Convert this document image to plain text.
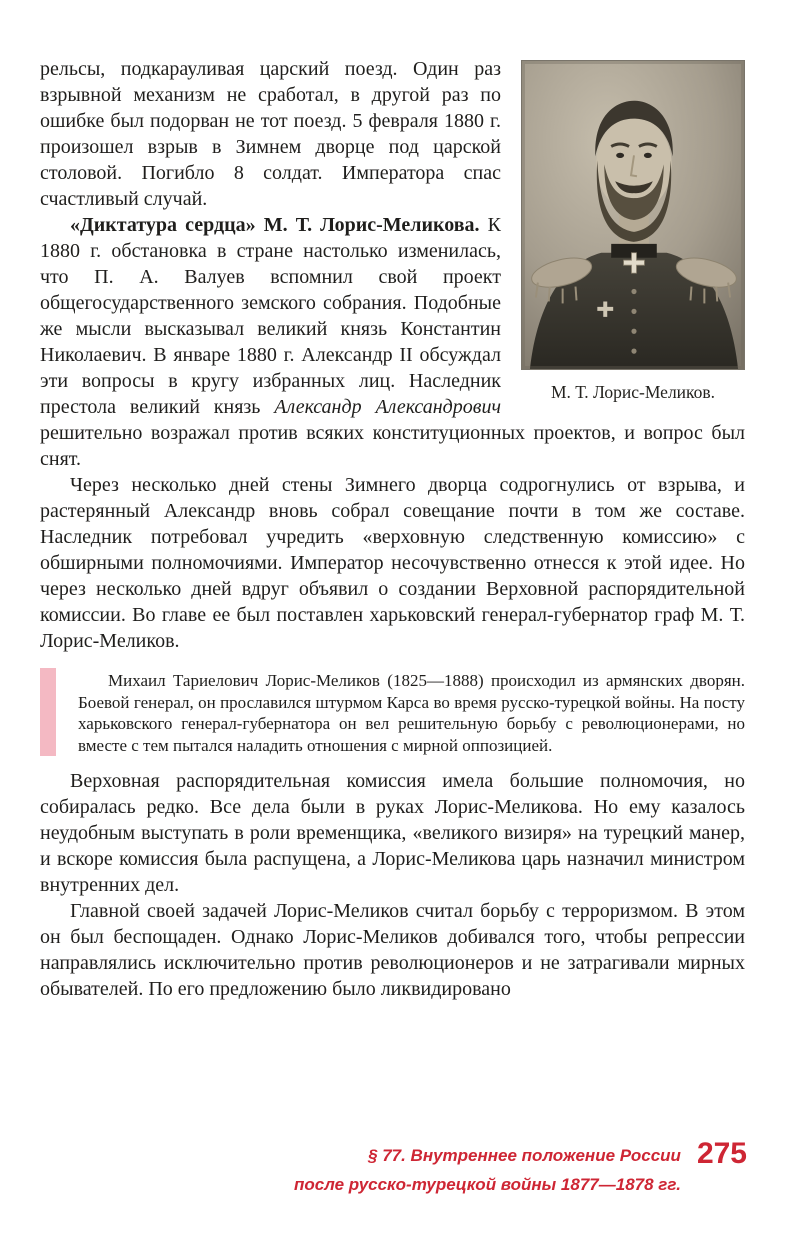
М. Т. Лорис-Меликов.

рельсы, подкарауливая царский поезд. Один раз взрывной механизм не сработал, в другой раз по ошибке был подорван не тот поезд. 5 февраля 1880 г. произошел взрыв в Зимнем дворце под царской столовой. Погибло 8 солдат. Императора спас счастливый случай.

«Диктатура сердца» М. Т. Лорис-Меликова. К 1880 г. обстановка в стране настолько изменилась, что П. А. Валуев вспомнил свой проект общегосударственного земского собрания. Подобные же мысли высказывал великий князь Константин Николаевич. В январе 1880 г. Александр II обсуждал эти вопросы в кругу избранных лиц. Наследник престола великий князь Александр Александрович решительно возражал против всяких конституционных проектов, и вопрос был снят.

Через несколько дней стены Зимнего дворца содрогнулись от взрыва, и растерянный Александр вновь собрал совещание почти в том же составе. Наследник потребовал учредить «верховную следственную комиссию» с обширными полномочиями. Император несочувственно отнесся к этой идее. Но через несколько дней вдруг объявил о создании Верховной распорядительной комиссии. Во главе ее был поставлен харьковский генерал-губернатор граф М. Т. Лорис-Меликов.

Михаил Тариелович Лорис-Меликов (1825—1888) происходил из армянских дворян. Боевой генерал, он прославился штурмом Карса во время русско-турецкой войны. На посту харьковского генерал-губернатора он вел решительную борьбу с революционерами, но вместе с тем пытался наладить отношения с мирной оппозицией.

Верховная распорядительная комиссия имела большие полномочия, но собиралась редко. Все дела были в руках Лорис-Меликова. Но ему казалось неудобным выступать в роли временщика, «великого визиря» на турецкий манер, и вскоре комиссия была распущена, а Лорис-Меликова царь назначил министром внутренних дел.

Главной своей задачей Лорис-Меликов считал борьбу с терроризмом. В этом он был беспощаден. Однако Лорис-Меликов добивался того, чтобы репрессии направлялись исключительно против революционеров и не затрагивали мирных обывателей. По его предложению было ликвидировано

§ 77. Внутреннее положение России
после русско-турецкой войны 1877—1878 гг.
275
